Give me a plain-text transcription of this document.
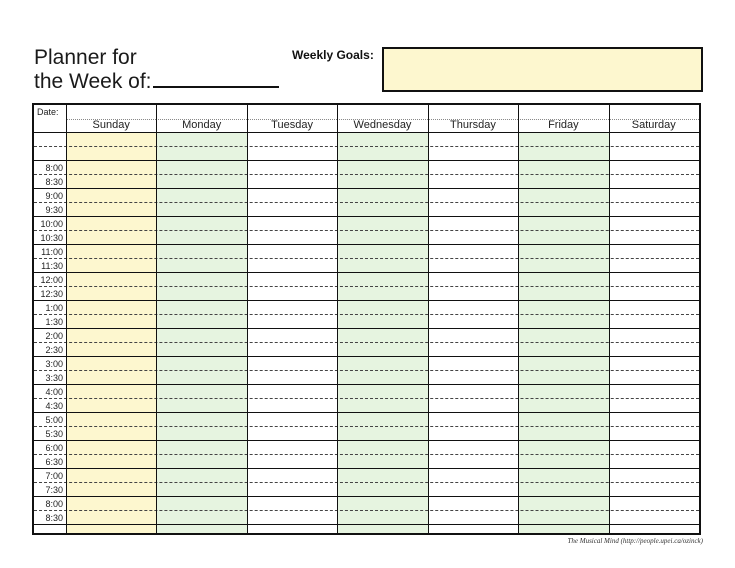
Planner for
the Week of:
Weekly Goals:
Date:
Sunday	Monday	Tuesday	Wednesday	Thursday	Friday	Saturday
8:00
8:30
9:00
9:30
10:00
10:30
11:00
11:30
12:00
12:30
1:00
1:30
2:00
2:30
3:00
3:30
4:00
4:30
5:00
5:30
6:00
6:30
7:00
7:30
8:00
8:30
The Musical Mind (http://people.upei.ca/ozinck)
